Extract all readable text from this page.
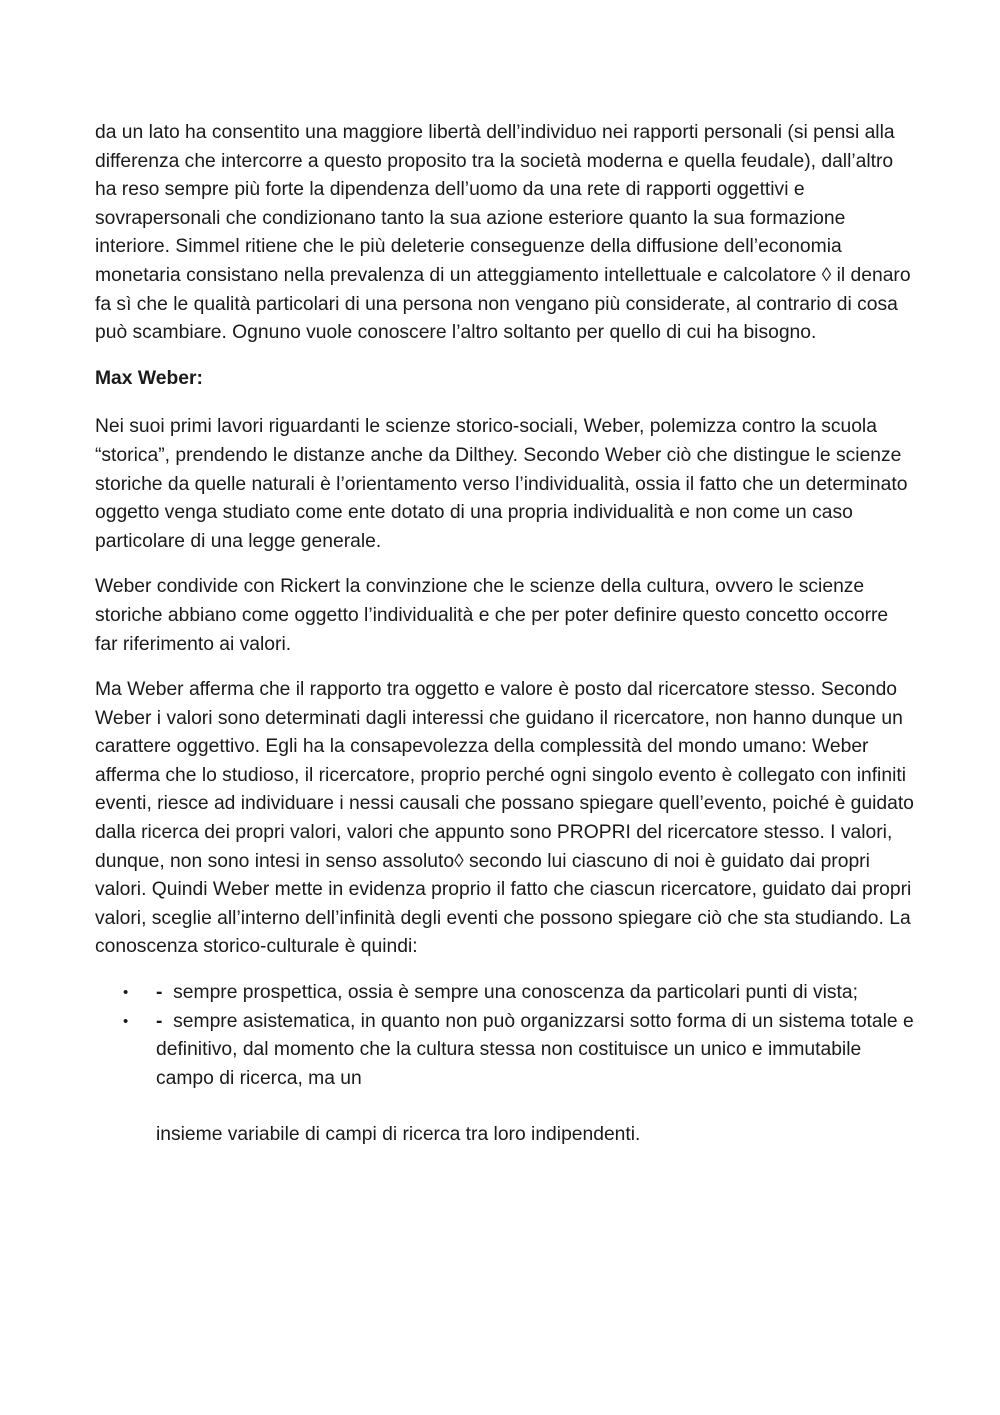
da un lato ha consentito una maggiore libertà dell’individuo nei rapporti personali (si pensi alla differenza che intercorre a questo proposito tra la società moderna e quella feudale), dall’altro ha reso sempre più forte la dipendenza dell’uomo da una rete di rapporti oggettivi e sovrapersonali che condizionano tanto la sua azione esteriore quanto la sua formazione interiore. Simmel ritiene che le più deleterie conseguenze della diffusione dell’economia monetaria consistano nella prevalenza di un atteggiamento intellettuale e calcolatore ◊ il denaro fa sì che le qualità particolari di una persona non vengano più considerate, al contrario di cosa può scambiare. Ognuno vuole conoscere l’altro soltanto per quello di cui ha bisogno.

Max Weber:

Nei suoi primi lavori riguardanti le scienze storico-sociali, Weber, polemizza contro la scuola “storica”, prendendo le distanze anche da Dilthey. Secondo Weber ciò che distingue le scienze storiche da quelle naturali è l’orientamento verso l’individualità, ossia il fatto che un determinato oggetto venga studiato come ente dotato di una propria individualità e non come un caso particolare di una legge generale.

Weber condivide con Rickert la convinzione che le scienze della cultura, ovvero le scienze storiche abbiano come oggetto l’individualità e che per poter definire questo concetto occorre far riferimento ai valori.

Ma Weber afferma che il rapporto tra oggetto e valore è posto dal ricercatore stesso. Secondo Weber i valori sono determinati dagli interessi che guidano il ricercatore, non hanno dunque un carattere oggettivo. Egli ha la consapevolezza della complessità del mondo umano: Weber afferma che lo studioso, il ricercatore, proprio perché ogni singolo evento è collegato con infiniti eventi, riesce ad individuare i nessi causali che possano spiegare quell’evento, poiché è guidato dalla ricerca dei propri valori, valori che appunto sono PROPRI del ricercatore stesso. I valori, dunque, non sono intesi in senso assoluto◊ secondo lui ciascuno di noi è guidato dai propri valori. Quindi Weber mette in evidenza proprio il fatto che ciascun ricercatore, guidato dai propri valori, sceglie all’interno dell’infinità degli eventi che possono spiegare ciò che sta studiando. La conoscenza storico-culturale è quindi:

• - sempre prospettica, ossia è sempre una conoscenza da particolari punti di vista;
• - sempre asistematica, in quanto non può organizzarsi sotto forma di un sistema totale e definitivo, dal momento che la cultura stessa non costituisce un unico e immutabile campo di ricerca, ma un

insieme variabile di campi di ricerca tra loro indipendenti.
